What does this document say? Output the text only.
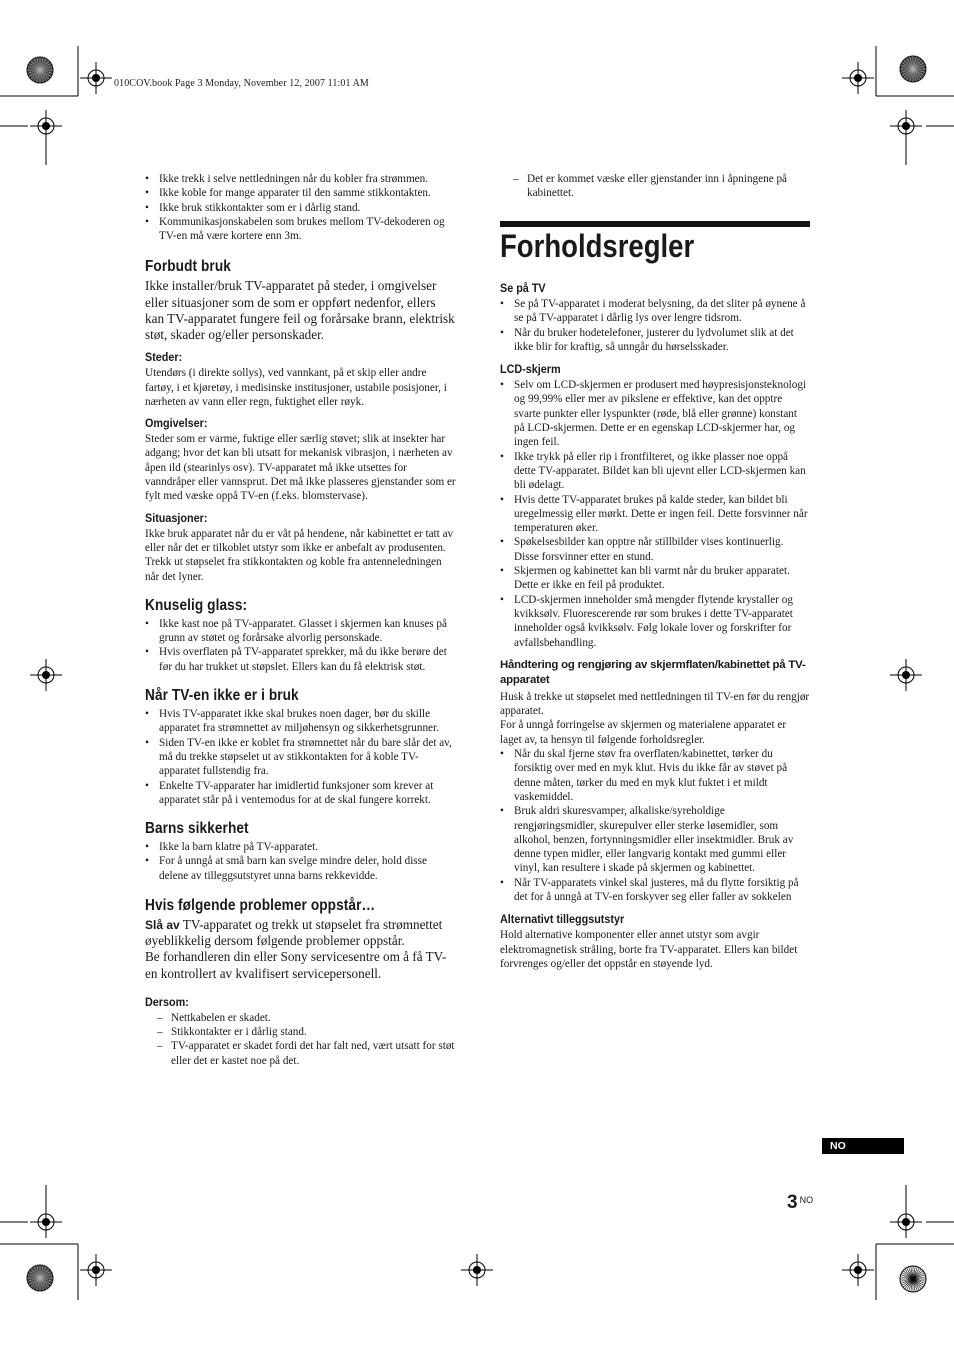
010COV.book Page 3 Monday, November 12, 2007 11:01 AM
• Ikke trekk i selve nettledningen når du kobler fra strømmen.
• Ikke koble for mange apparater til den samme stikkontakten.
• Ikke bruk stikkontakter som er i dårlig stand.
• Kommunikasjonskabelen som brukes mellom TV-dekoderen og TV-en må være kortere enn 3m.
Forbudt bruk

Ikke installer/bruk TV-apparatet på steder, i omgivelser eller situasjoner som de som er oppført nedenfor, ellers kan TV-apparatet fungere feil og forårsake brann, elektrisk støt, skader og/eller personskader.

Steder:

Utendørs (i direkte sollys), ved vannkant, på et skip eller andre fartøy, i et kjøretøy, i medisinske institusjoner, ustabile posisjoner, i nærheten av vann eller regn, fuktighet eller røyk.

Omgivelser:

Steder som er varme, fuktige eller særlig støvet; slik at insekter har adgang; hvor det kan bli utsatt for mekanisk vibrasjon, i nærheten av åpen ild (stearinlys osv). TV-apparatet må ikke utsettes for vanndråper eller vannsprut. Det må ikke plasseres gjenstander som er fylt med væske oppå TV-en (f.eks. blomstervase).

Situasjoner:

Ikke bruk apparatet når du er våt på hendene, når kabinettet er tatt av eller når det er tilkoblet utstyr som ikke er anbefalt av produsenten. Trekk ut støpselet fra stikkontakten og koble fra antenneledningen når det lyner.

Knuselig glass:
• Ikke kast noe på TV-apparatet. Glasset i skjermen kan knuses på grunn av støtet og forårsake alvorlig personskade.
• Hvis overflaten på TV-apparatet sprekker, må du ikke berøre det før du har trukket ut støpslet. Ellers kan du få elektrisk støt.
Når TV-en ikke er i bruk
• Hvis TV-apparatet ikke skal brukes noen dager, bør du skille apparatet fra strømnettet av miljøhensyn og sikkerhetsgrunner.
• Siden TV-en ikke er koblet fra strømnettet når du bare slår det av, må du trekke støpselet ut av stikkontakten for å koble TV-apparatet fullstendig fra.
• Enkelte TV-apparater har imidlertid funksjoner som krever at apparatet står på i ventemodus for at de skal fungere korrekt.
Barns sikkerhet
• Ikke la barn klatre på TV-apparatet.
• For å unngå at små barn kan svelge mindre deler, hold disse delene av tilleggsutstyret unna barns rekkevidde.
Hvis følgende problemer oppstår…

Slå av TV-apparatet og trekk ut støpselet fra strømnettet øyeblikkelig dersom følgende problemer oppstår.

Be forhandleren din eller Sony servicesentre om å få TV-en kontrollert av kvalifisert servicepersonell.

Dersom:
– Nettkabelen er skadet.
– Stikkontakter er i dårlig stand.
– TV-apparatet er skadet fordi det har falt ned, vært utsatt for støt eller det er kastet noe på det.
– Det er kommet væske eller gjenstander inn i åpningene på kabinettet.
Forholdsregler
Se på TV
• Se på TV-apparatet i moderat belysning, da det sliter på øynene å se på TV-apparatet i dårlig lys over lengre tidsrom.
• Når du bruker hodetelefoner, justerer du lydvolumet slik at det ikke blir for kraftig, så unngår du hørselsskader.
LCD-skjerm
• Selv om LCD-skjermen er produsert med høypresisjonsteknologi og 99,99% eller mer av pikslene er effektive, kan det opptre svarte punkter eller lyspunkter (røde, blå eller grønne) konstant på LCD-skjermen. Dette er en egenskap LCD-skjermer har, og ingen feil.
• Ikke trykk på eller rip i frontfilteret, og ikke plasser noe oppå dette TV-apparatet. Bildet kan bli ujevnt eller LCD-skjermen kan bli ødelagt.
• Hvis dette TV-apparatet brukes på kalde steder, kan bildet bli uregelmessig eller mørkt. Dette er ingen feil. Dette forsvinner når temperaturen øker.
• Spøkelsesbilder kan opptre når stillbilder vises kontinuerlig. Disse forsvinner etter en stund.
• Skjermen og kabinettet kan bli varmt når du bruker apparatet. Dette er ikke en feil på produktet.
• LCD-skjermen inneholder små mengder flytende krystaller og kvikksølv. Fluorescerende rør som brukes i dette TV-apparatet inneholder også kvikksølv. Følg lokale lover og forskrifter for avfallsbehandling.
Håndtering og rengjøring av skjermflaten/kabinettet på TV-apparatet

Husk å trekke ut støpselet med nettledningen til TV-en før du rengjør apparatet.

For å unngå forringelse av skjermen og materialene apparatet er laget av, ta hensyn til følgende forholdsregler.

• Når du skal fjerne støv fra overflaten/kabinettet, tørker du forsiktig over med en myk klut. Hvis du ikke får av støvet på denne måten, tørker du med en myk klut fuktet i et mildt vaskemiddel.
• Bruk aldri skuresvamper, alkaliske/syreholdige rengjøringsmidler, skurepulver eller sterke løsemidler, som alkohol, benzen, fortynningsmidler eller insektmidler. Bruk av denne typen midler, eller langvarig kontakt med gummi eller vinyl, kan resultere i skade på skjermen og kabinettet.
• Når TV-apparatets vinkel skal justeres, må du flytte forsiktig på det for å unngå at TV-en forskyver seg eller faller av sokkelen
Alternativt tilleggsutstyr

Hold alternative komponenter eller annet utstyr som avgir elektromagnetisk stråling, borte fra TV-apparatet. Ellers kan bildet forvrenges og/eller det oppstår en støyende lyd.

NO
3 $^{NO}$
